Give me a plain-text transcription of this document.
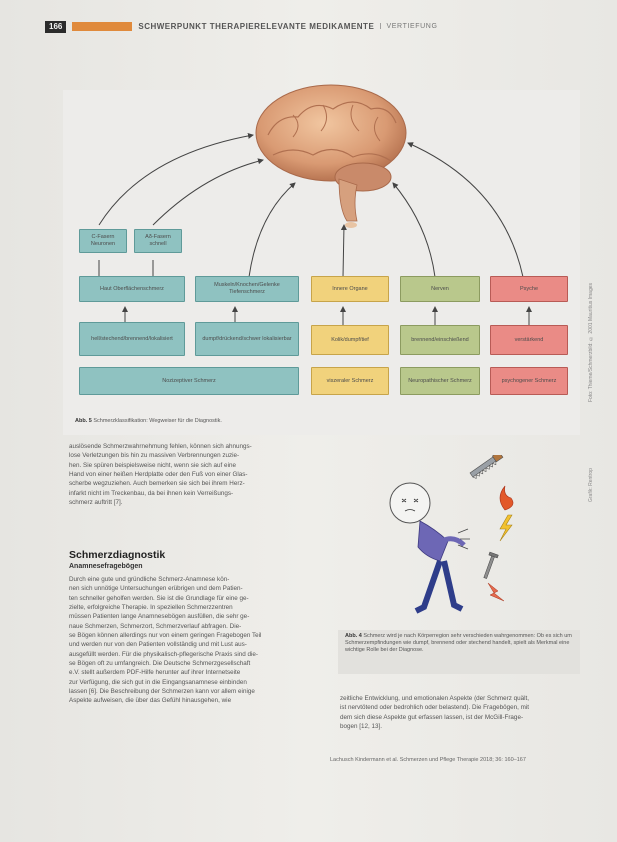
166	SCHWERPUNKT THERAPIERELEVANTE MEDIKAMENTE I VERTIEFUNG
C-Fasern Neuronen
Aδ-Fasern schnell
Haut Oberflächenschmerz
Muskeln/Knochen/Gelenke Tiefenschmerz
Innere Organe	Nerven	Psyche
hell/stechend/brennend/lokalisiert	dumpf/drückend/schwer lokalisierbar	Kolik/dumpf/tief	brennend/einschießend	verstärkend
Nozizeptiver Schmerz	viszeraler Schmerz	Neuropathischer Schmerz	psychogener Schmerz
Abb. 5 Schmerzklassifikation: Wegweiser für die Diagnostik.
Foto: Thieme/Schmerzbild: © 2001 Mauritius Images
Grafik: Rentrop

auslösende Schmerzwahrnehmung fehlen, können sich ahnungs-

lose Verletzungen bis hin zu massiven Verbrennungen zuzie-

hen. Sie spüren beispielsweise nicht, wenn sie sich auf eine

Hand von einer heißen Herdplatte oder den Fuß von einer Glas-

scherbe wegzuziehen. Auch bemerken sie sich bei ihrem Herz-

infarkt nicht im Treckenbau, da bei ihnen kein Verreißungs-

schmerz auftritt [7].

Schmerzdiagnostik
Anamnesefragebögen

Durch eine gute und gründliche Schmerz-Anamnese kön-

nen sich unnötige Untersuchungen erübrigen und dem Patien-

ten schneller geholfen werden. Sie ist die Grundlage für eine ge-

zielte, erfolgreiche Therapie. In speziellen Schmerzzentren

müssen Patienten lange Anamnesebögen ausfüllen, die sehr ge-

naue Schmerzen, Schmerzort, Schmerzverlauf abfragen. Die-

se Bögen können allerdings nur von einem geringen Fragebogen Teil

und werden nur von den Patienten vollständig und mit Lust aus-

ausgefüllt werden. Für die physikalisch-pflegerische Praxis sind die-

se Bögen oft zu umfangreich. Die Deutsche Schmerzgesellschaft

e.V. stellt außerdem PDF-Hilfe herunter auf ihrer Internetseite

zur Verfügung, die sich gut in die Eingangsanamnese einbinden

lassen [6]. Die Beschreibung der Schmerzen kann vor allem einige

Aspekte aufweisen, die über das Gefühl hinausgehen, wie

Abb. 4 Schmerz wird je nach Körperregion sehr verschieden wahrgenommen: Ob es sich um Schmerzempfindungen wie dumpf, brennend oder stechend handelt, spielt als Merkmal eine wichtige Rolle bei der Diagnose.

zeitliche Entwicklung, und emotionalen Aspekte (der Schmerz quält,

ist nervtötend oder bedrohlich oder belastend). Die Fragebögen, mit

dem sich diese Aspekte gut erfassen lassen, ist der McGill-Frage-

bogen [12, 13].

Lachusch Kindermann et al. Schmerzen und Pflege Therapie 2018; 36: 160–167
